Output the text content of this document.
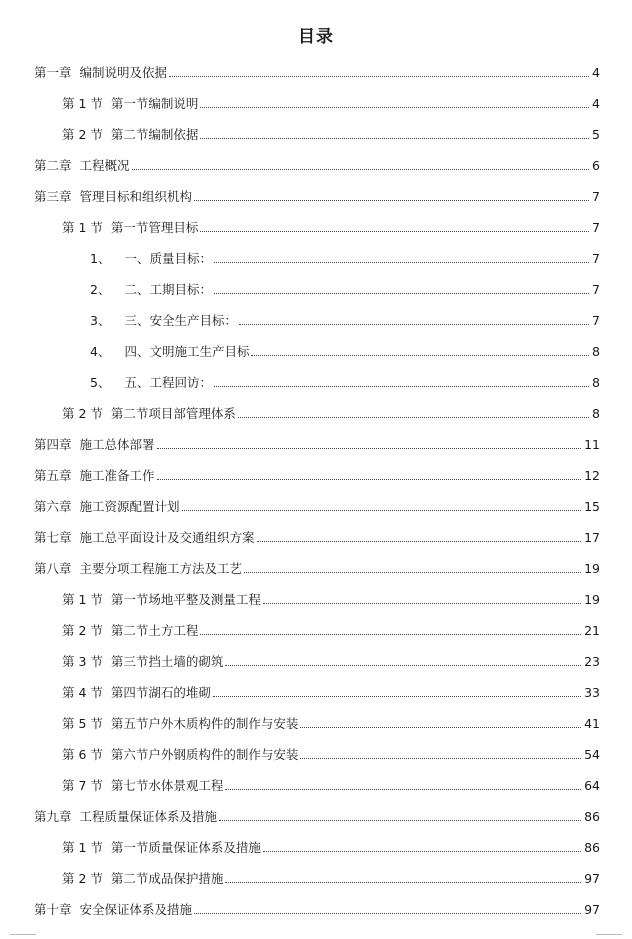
目录
第一章 编制说明及依据	4
第 1 节 第一节编制说明	4
第 2 节 第二节编制依据	5
第二章 工程概况	6
第三章 管理目标和组织机构	7
第 1 节 第一节管理目标	7
1、 一、质量目标：	7
2、 二、工期目标：	7
3、 三、安全生产目标：	7
4、 四、文明施工生产目标	8
5、 五、工程回访：	8
第 2 节 第二节项目部管理体系	8
第四章 施工总体部署	11
第五章 施工准备工作	12
第六章 施工资源配置计划	15
第七章 施工总平面设计及交通组织方案	17
第八章 主要分项工程施工方法及工艺	19
第 1 节 第一节场地平整及测量工程	19
第 2 节 第二节土方工程	21
第 3 节 第三节挡土墙的砌筑	23
第 4 节 第四节湖石的堆砌	33
第 5 节 第五节户外木质构件的制作与安装	41
第 6 节 第六节户外钢质构件的制作与安装	54
第 7 节 第七节水体景观工程	64
第九章 工程质量保证体系及措施	86
第 1 节 第一节质量保证体系及措施	86
第 2 节 第二节成品保护措施	97
第十章 安全保证体系及措施	97
